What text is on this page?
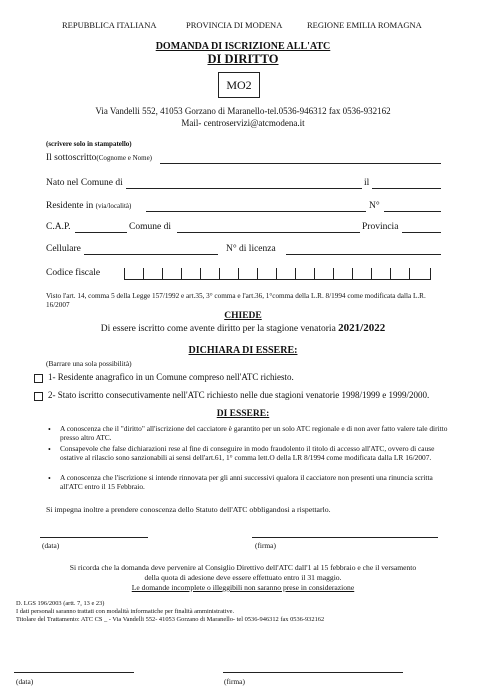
REPUBBLICA ITALIANA	PROVINCIA DI MODENA	REGIONE EMILIA ROMAGNA
DOMANDA DI ISCRIZIONE ALL'ATC
DI DIRITTO
MO2
Via Vandelli 552, 41053 Gorzano di Maranello-tel.0536-946312 fax 0536-932162
Mail- centroservizi@atcmodena.it
(scrivere solo in stampatello)
Il sottoscritto(Cognome e Nome)
Nato nel Comune di	il
Residente in (via/località)	N°
C.A.P.	Comune di	Provincia
Cellulare	N° di licenza
Codice fiscale
Visto l'art. 14, comma 5 della Legge 157/1992 e art.35, 3° comma e l'art.36, 1°comma della L.R. 8/1994 come modificata dalla L.R. 16/2007
CHIEDE
Di essere iscritto come avente diritto per la stagione venatoria 2021/2022
DICHIARA DI ESSERE:
(Barrare una sola possibilità)
1- Residente anagrafico in un Comune compreso nell'ATC richiesto.
2- Stato iscritto consecutivamente nell'ATC richiesto nelle due stagioni venatorie 1998/1999 e 1999/2000.
DI ESSERE:
• A conoscenza che il "diritto" all'iscrizione del cacciatore è garantito per un solo ATC regionale e di non aver fatto valere tale diritto presso altro ATC.
• Consapevole che false dichiarazioni rese al fine di conseguire in modo fraudolento il titolo di accesso all'ATC, ovvero di cause ostative al rilascio sono sanzionabili ai sensi dell'art.61, 1° comma lett.O della LR 8/1994 come modificata dalla LR 16/2007.
• A conoscenza che l'iscrizione si intende rinnovata per gli anni successivi qualora il cacciatore non presenti una rinuncia scritta all'ATC entro il 15 Febbraio.
Si impegna inoltre a prendere conoscenza dello Statuto dell'ATC obbligandosi a rispettarlo.
(data)	(firma)
Si ricorda che la domanda deve pervenire al Consiglio Direttivo dell'ATC dall'1 al 15 febbraio e che il versamento
della quota di adesione deve essere effettuato entro il 31 maggio.
Le domande incomplete o illeggibili non saranno prese in considerazione
D. LGS 196/2003 (artt. 7, 13 e 23)
I dati personali saranno trattati con modalità informatiche per finalità amministrative.
Titolare del Trattamento: ATC CS _ - Via Vandelli 552- 41053 Gorzano di Maranello- tel 0536-946312 fax 0536-932162
(data)	(firma)
